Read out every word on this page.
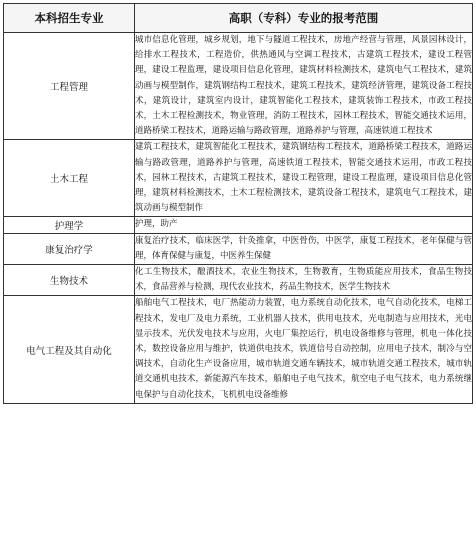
本科招生专业	高职（专科）专业的报考范围
工程管理	城市信息化管理，城乡规划，地下与隧道工程技术，房地产经营与管理，风景园林设计，给排水工程技术，工程造价，供热通风与空调工程技术，古建筑工程技术，建设工程管理，建设工程监理，建设项目信息化管理，建筑材料检测技术，建筑电气工程技术，建筑动画与模型制作，建筑钢结构工程技术，建筑工程技术，建筑经济管理，建筑设备工程技术，建筑设计，建筑室内设计，建筑智能化工程技术，建筑装饰工程技术，市政工程技术，土木工程检测技术，物业管理，消防工程技术，园林工程技术，智能交通技术运用，道路桥梁工程技术，道路运输与路政管理，道路养护与管理，高速铁道工程技术
土木工程	建筑工程技术，建筑智能化工程技术，建筑钢结构工程技术，道路桥梁工程技术，道路运输与路政管理，道路养护与管理，高速铁道工程技术，智能交通技术运用，市政工程技术，园林工程技术，古建筑工程技术，建设工程管理，建设工程监理，建设项目信息化管理，建筑材料检测技术，土木工程检测技术，建筑设备工程技术，建筑电气工程技术，建筑动画与模型制作
护理学	护理，助产
康复治疗学	康复治疗技术，临床医学，针灸推拿，中医骨伤，中医学，康复工程技术，老年保健与管理，体育保健与康复，中医养生保健
生物技术	化工生物技术，酿酒技术，农业生物技术，生物教育，生物质能应用技术，食品生物技术，食品营养与检测，现代农业技术，药品生物技术，医学生物技术
电气工程及其自动化	船舶电气工程技术，电厂热能动力装置，电力系统自动化技术，电气自动化技术，电梯工程技术，发电厂及电力系统，工业机器人技术，供用电技术，光电制造与应用技术，光电显示技术，光伏发电技术与应用，火电厂集控运行，机电设备维修与管理，机电一体化技术，数控设备应用与维护，铁道供电技术，铁道信号自动控制，应用电子技术，制冷与空调技术，自动化生产设备应用，城市轨道交通车辆技术，城市轨道交通工程技术，城市轨道交通机电技术，新能源汽车技术，船舶电子电气技术，航空电子电气技术，电力系统继电保护与自动化技术，飞机机电设备维修
